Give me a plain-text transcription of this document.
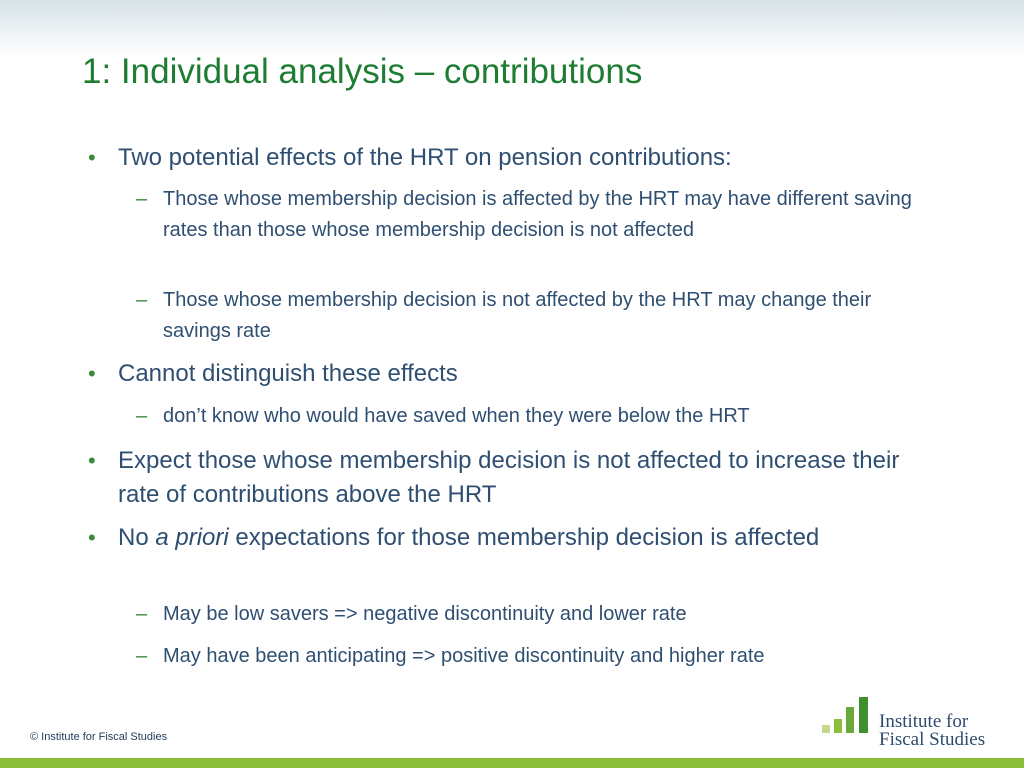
1: Individual analysis – contributions
• Two potential effects of the HRT on pension contributions:
– Those whose membership decision is affected by the HRT may have different saving rates than those whose membership decision is not affected
– Those whose membership decision is not affected by the HRT may change their savings rate
• Cannot distinguish these effects
– don’t know who would have saved when they were below the HRT
• Expect those whose membership decision is not affected to increase their rate of contributions above the HRT
• No a priori expectations for those membership decision is affected
– May be low savers => negative discontinuity and lower rate
– May have been anticipating => positive discontinuity and higher rate
© Institute for Fiscal Studies
Institute for
Fiscal Studies
